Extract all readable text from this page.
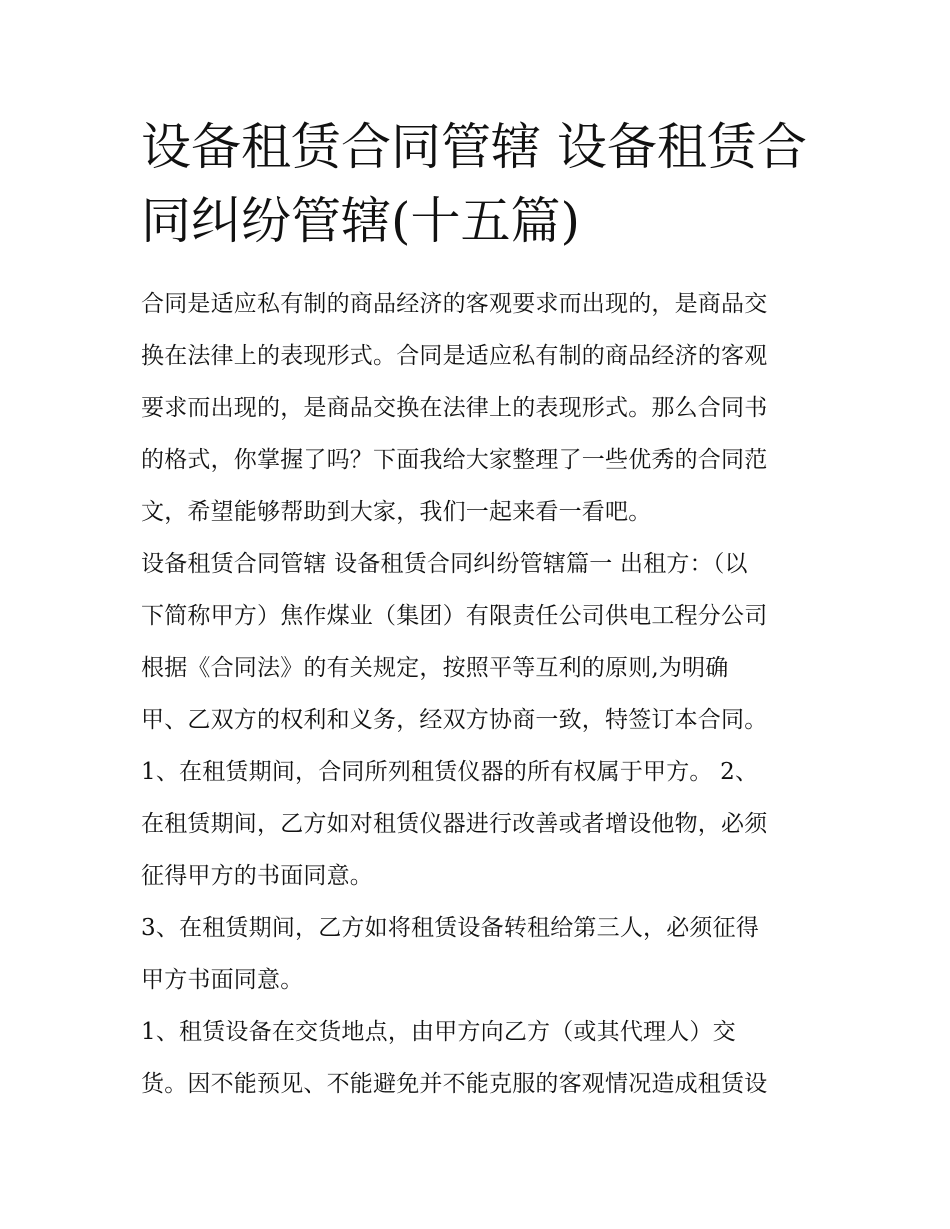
设备租赁合同管辖 设备租赁合
同纠纷管辖(十五篇)
合同是适应私有制的商品经济的客观要求而出现的，是商品交
换在法律上的表现形式。合同是适应私有制的商品经济的客观
要求而出现的，是商品交换在法律上的表现形式。那么合同书
的格式，你掌握了吗？下面我给大家整理了一些优秀的合同范
文，希望能够帮助到大家，我们一起来看一看吧。
设备租赁合同管辖 设备租赁合同纠纷管辖篇一 出租方：（以
下简称甲方）焦作煤业（集团）有限责任公司供电工程分公司
根据《合同法》的有关规定，按照平等互利的原则,为明确
甲、乙双方的权利和义务，经双方协商一致，特签订本合同。
1、在租赁期间，合同所列租赁仪器的所有权属于甲方。 2、
在租赁期间，乙方如对租赁仪器进行改善或者增设他物，必须
征得甲方的书面同意。
3、在租赁期间，乙方如将租赁设备转租给第三人，必须征得
甲方书面同意。
1、租赁设备在交货地点，由甲方向乙方（或其代理人）交
货。因不能预见、不能避免并不能克服的客观情况造成租赁设
